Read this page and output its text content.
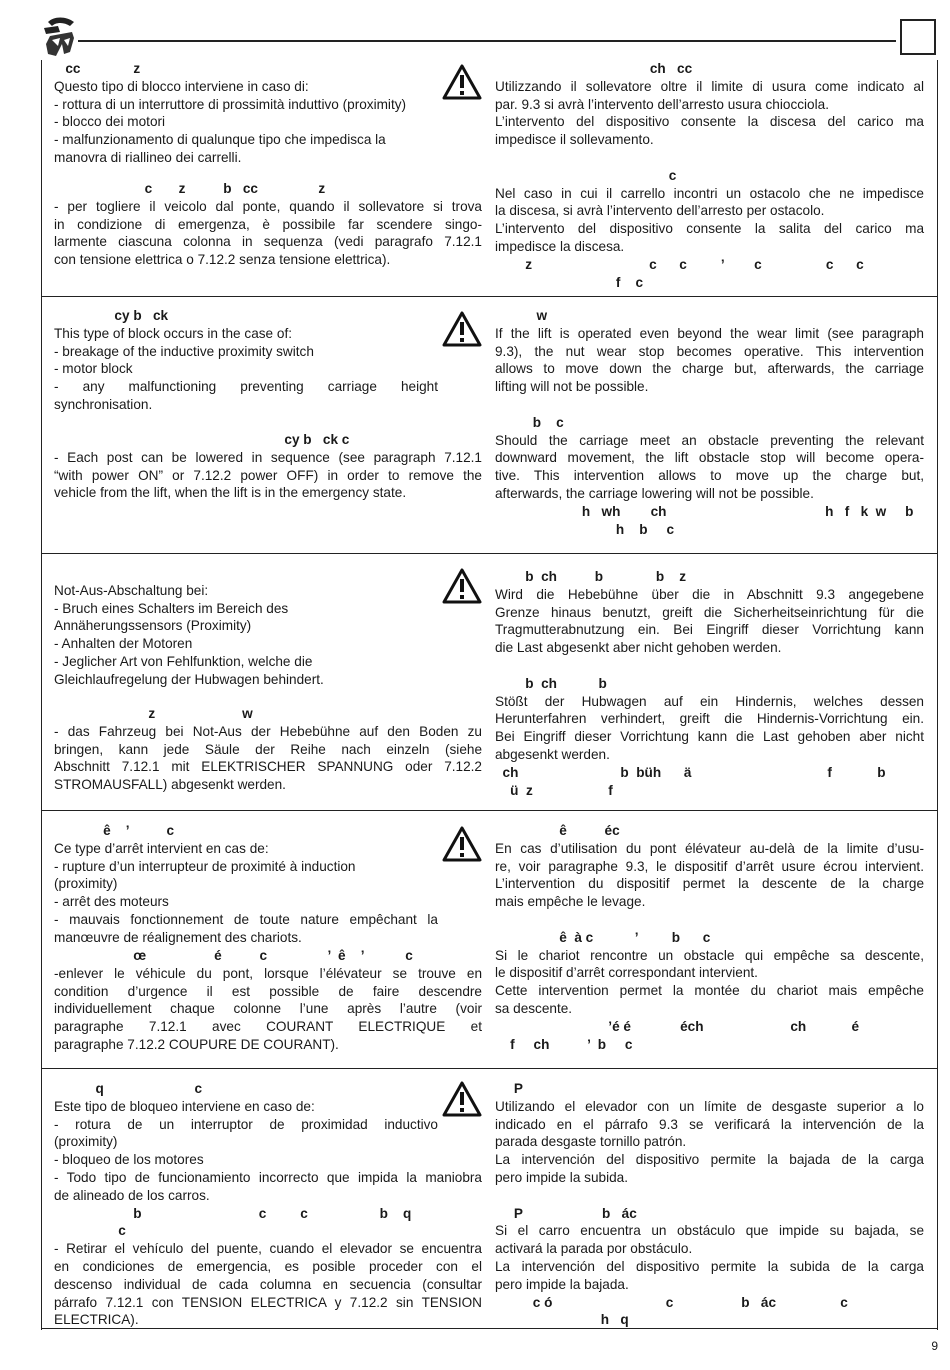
cc              z
Questo tipo di blocco interviene in caso di:
- rottura di un interruttore di prossimità induttivo (proximity)
- blocco dei motori
- malfunzionamento di qualunque tipo che impedisca la
manovra di riallineo dei carrelli.

c       z          b   cc                z
- per togliere il veicolo dal ponte, quando il sollevatore si trova
in condizione di emergenza, è possibile far scendere singo-
larmente ciascuna colonna in sequenza (vedi paragrafo 7.12.1
con tensione elettrica o 7.12.2 senza tensione elettrica).
ch   cc
Utilizzando il sollevatore oltre il limite di usura come indicato al
par. 9.3 si avrà l’intervento dell’arresto usura chiocciola.
L’intervento del dispositivo consente la discesa del carico ma
impedisce il sollevamento.

c
Nel caso in cui il carrello incontri un ostacolo che ne impedisce
la discesa, si avrà l’intervento dell’arresto per ostacolo.
L’intervento del dispositivo consente la salita del carico ma
impedisce la discesa.
z                               c      c         ’        c                 c      c
f    c
cy b   ck
This type of block occurs in the case of:
- breakage of the inductive proximity switch
- motor block
- any malfunctioning preventing carriage height
synchronisation.
cy b   ck c
- Each post can be lowered in sequence (see paragraph 7.12.1
“with power ON” or 7.12.2 power OFF) in order to remove the
vehicle from the lift, when the lift is in the emergency state.
w
If the lift is operated even beyond the wear limit (see paragraph
9.3), the nut wear stop becomes operative. This intervention
allows to move down the charge but, afterwards, the carriage
lifting will not be possible.

b    c
Should the carriage meet an obstacle preventing the relevant
downward movement, the lift obstacle stop will become opera-
tive. This intervention allows to move up the charge but,
afterwards, the carriage lowering will not be possible.
h   wh        ch                                          h   f   k  w     b
h    b     c

Not-Aus-Abschaltung bei:
- Bruch eines Schalters im Bereich des
Annäherungssensors (Proximity)
- Anhalten der Motoren
- Jeglicher Art von Fehlfunktion, welche die
Gleichlaufregelung der Hubwagen behindert.
z                       w
- das Fahrzeug bei Not-Aus der Hebebühne auf den Boden zu
bringen, kann jede Säule der Reihe nach einzeln (siehe
Abschnitt 7.12.1 mit ELEKTRISCHER SPANNUNG oder 7.12.2
STROMAUSFALL) abgesenkt werden.
b  ch          b              b    z
Wird die Hebebühne über die in Abschnitt 9.3 angegebene
Grenze hinaus benutzt, greift die Sicherheitseinrichtung für die
Tragmutterabnutzung ein. Bei Eingriff dieser Vorrichtung kann
die Last abgesenkt aber nicht gehoben werden.

b  ch           b
Stößt der Hubwagen auf ein Hindernis, welches dessen
Herunterfahren verhindert, greift die Hindernis-Vorrichtung ein.
Bei Eingriff dieser Vorrichtung kann die Last gehoben aber nicht
abgesenkt werden.
ch                           b  büh      ä                                    f            b
ü  z                    f
ê    ’          c
Ce type d’arrêt intervient en cas de:
- rupture d’un interrupteur de proximité à induction
(proximity)
- arrêt des moteurs
- mauvais fonctionnement de toute nature empêchant la
manœuvre de réalignement des chariots.
œ                  é          c                ’  ê    ’           c
-enlever le véhicule du pont, lorsque l’élévateur se trouve en
condition d’urgence il est possible de faire descendre
individuellement chaque colonne l’une après l’autre (voir
paragraphe 7.12.1 avec COURANT ELECTRIQUE et
paragraphe 7.12.2 COUPURE DE COURANT).
ê          éc
En cas d’utilisation du pont élévateur au-delà de la limite d’usu-
re, voir paragraphe 9.3, le dispositif d’arrêt usure écrou intervient.
L’intervention du dispositif permet la descente de la charge
mais empêche le levage.

ê  à c           ’         b      c
Si le chariot rencontre un obstacle qui empêche sa descente,
le dispositif d’arrêt correspondant intervient.
Cette intervention permet la montée du chariot mais empêche
sa descente.
’é é             éch                       ch            é
f     ch          ’  b     c
q                        c
Este tipo de bloqueo interviene en caso de:
- rotura de un interruptor de proximidad inductivo
(proximity)
- bloqueo de los motores
- Todo tipo de funcionamiento incorrecto que impida la maniobra
de alineado de los carros.
b                               c         c                   b    q
c
- Retirar el vehículo del puente, cuando el elevador se encuentra
en condiciones de emergencia, es posible proceder con el
descenso individual de cada columna en secuencia (consultar
párrafo 7.12.1 con TENSION ELECTRICA y 7.12.2 sin TENSION
ELECTRICA).
P
Utilizando el elevador con un límite de desgaste superior a lo
indicado en el párrafo 9.3 se verificará la intervención de la
parada desgaste tornillo patrón.
La intervención del dispositivo permite la bajada de la carga
pero impide la subida.

P                     b   ác
Si el carro encuentra un obstáculo que impide su bajada, se
activará la parada por obstáculo.
La intervención del dispositivo permite la subida de la carga
pero impide la bajada.
c ó                              c                  b   ác                 c
h   q
9
